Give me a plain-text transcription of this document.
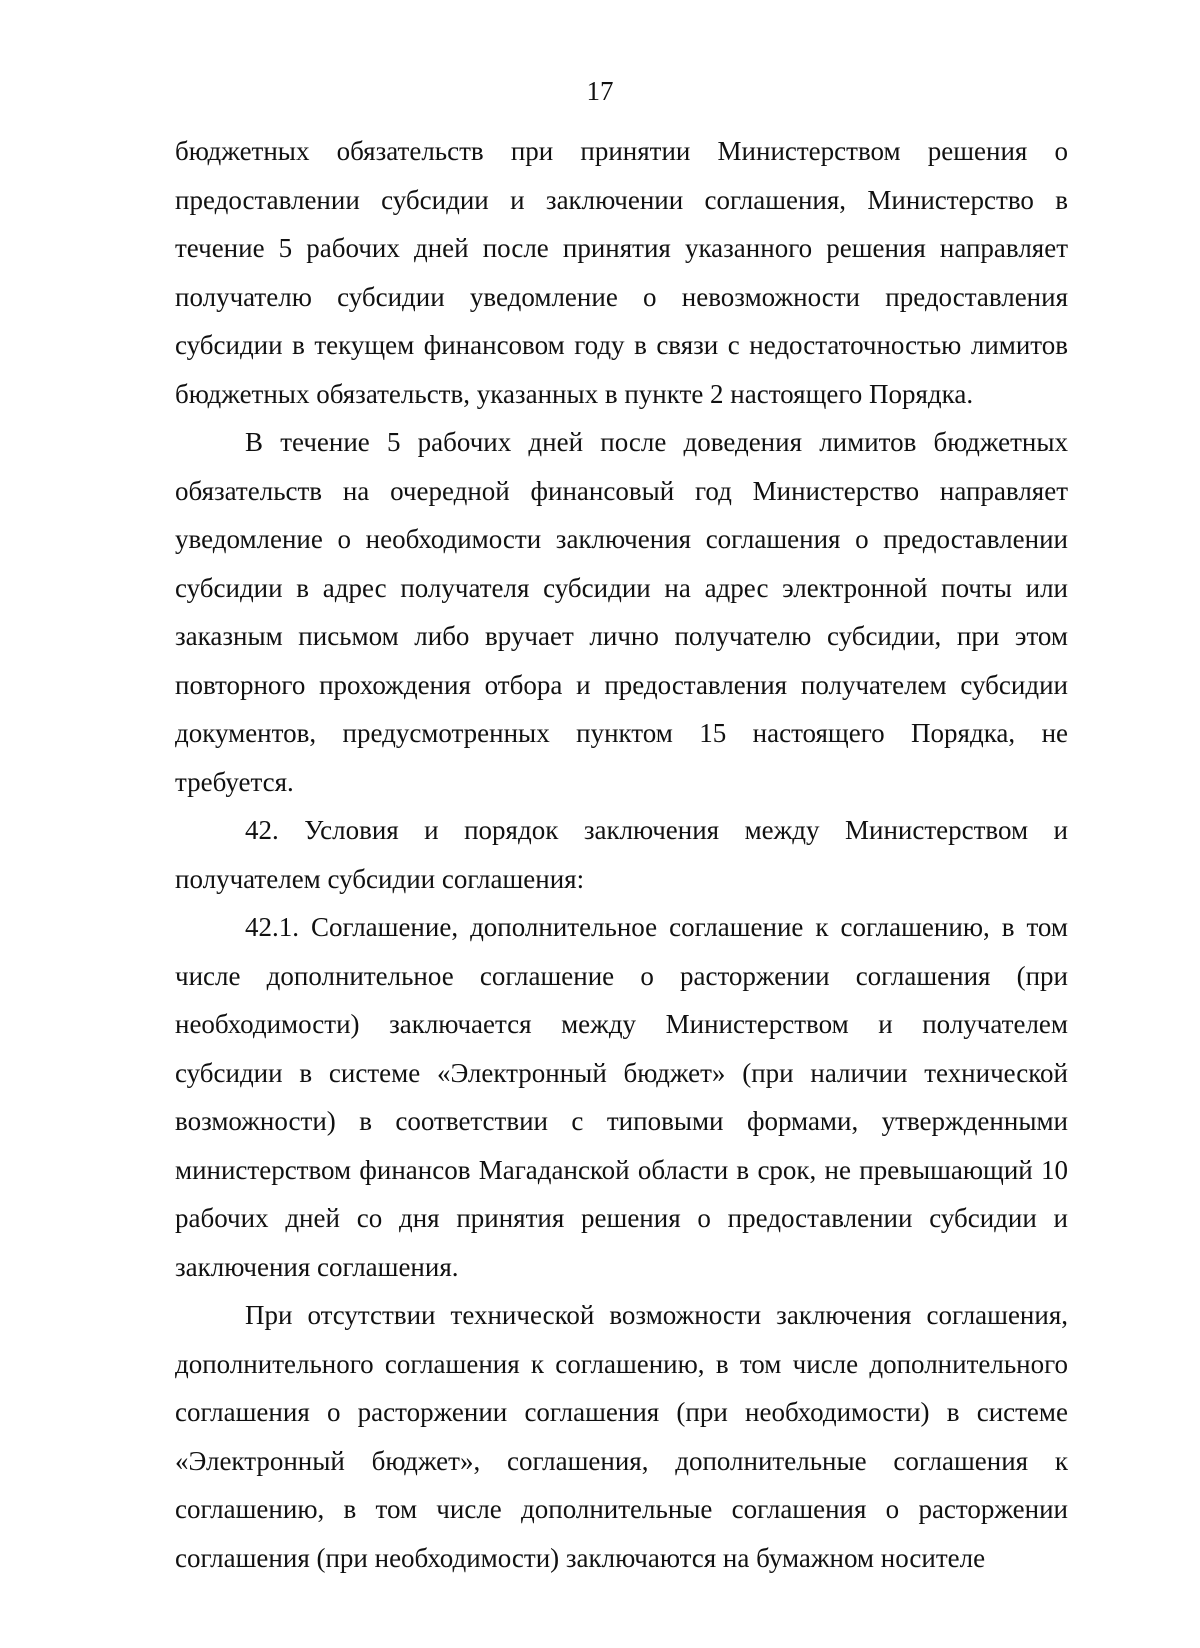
17

бюджетных обязательств при принятии Министерством решения о предоставлении субсидии и заключении соглашения, Министерство в течение 5 рабочих дней после принятия указанного решения направляет получателю субсидии уведомление о невозможности предоставления субсидии в текущем финансовом году в связи с недостаточностью лимитов бюджетных обязательств, указанных в пункте 2 настоящего Порядка.

В течение 5 рабочих дней после доведения лимитов бюджетных обязательств на очередной финансовый год Министерство направляет уведомление о необходимости заключения соглашения о предоставлении субсидии в адрес получателя субсидии на адрес электронной почты или заказным письмом либо вручает лично получателю субсидии, при этом повторного прохождения отбора и предоставления получателем субсидии документов, предусмотренных пунктом 15 настоящего Порядка, не требуется.

42. Условия и порядок заключения между Министерством и получателем субсидии соглашения:

42.1. Соглашение, дополнительное соглашение к соглашению, в том числе дополнительное соглашение о расторжении соглашения (при необходимости) заключается между Министерством и получателем субсидии в системе «Электронный бюджет» (при наличии технической возможности) в соответствии с типовыми формами, утвержденными министерством финансов Магаданской области в срок, не превышающий 10 рабочих дней со дня принятия решения о предоставлении субсидии и заключения соглашения.

При отсутствии технической возможности заключения соглашения, дополнительного соглашения к соглашению, в том числе дополнительного соглашения о расторжении соглашения (при необходимости) в системе «Электронный бюджет», соглашения, дополнительные соглашения к соглашению, в том числе дополнительные соглашения о расторжении соглашения (при необходимости) заключаются на бумажном носителе
